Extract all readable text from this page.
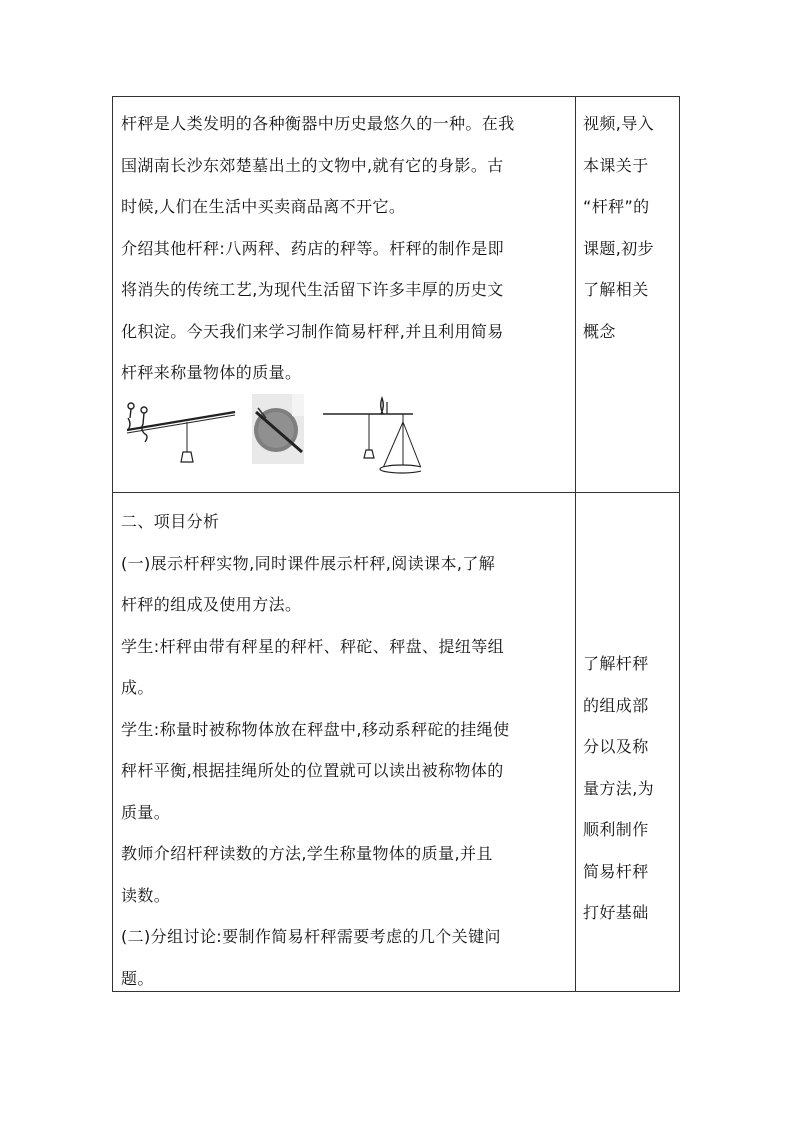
杆秤是人类发明的各种衡器中历史最悠久的一种。在我

国湖南长沙东郊楚墓出土的文物中,就有它的身影。古

时候,人们在生活中买卖商品离不开它。

介绍其他杆秤:八两秤、药店的秤等。杆秤的制作是即

将消失的传统工艺,为现代生活留下许多丰厚的历史文

化积淀。今天我们来学习制作简易杆秤,并且利用简易

杆秤来称量物体的质量。

视频,导入

本课关于

“杆秤”的

课题,初步

了解相关

概念

二、项目分析

(一)展示杆秤实物,同时课件展示杆秤,阅读课本,了解

杆秤的组成及使用方法。

学生:杆秤由带有秤星的秤杆、秤砣、秤盘、提纽等组

成。

学生:称量时被称物体放在秤盘中,移动系秤砣的挂绳使

秤杆平衡,根据挂绳所处的位置就可以读出被称物体的

质量。

教师介绍杆秤读数的方法,学生称量物体的质量,并且

读数。

(二)分组讨论:要制作简易杆秤需要考虑的几个关键问

题。

了解杆秤

的组成部

分以及称

量方法,为

顺利制作

简易杆秤

打好基础
